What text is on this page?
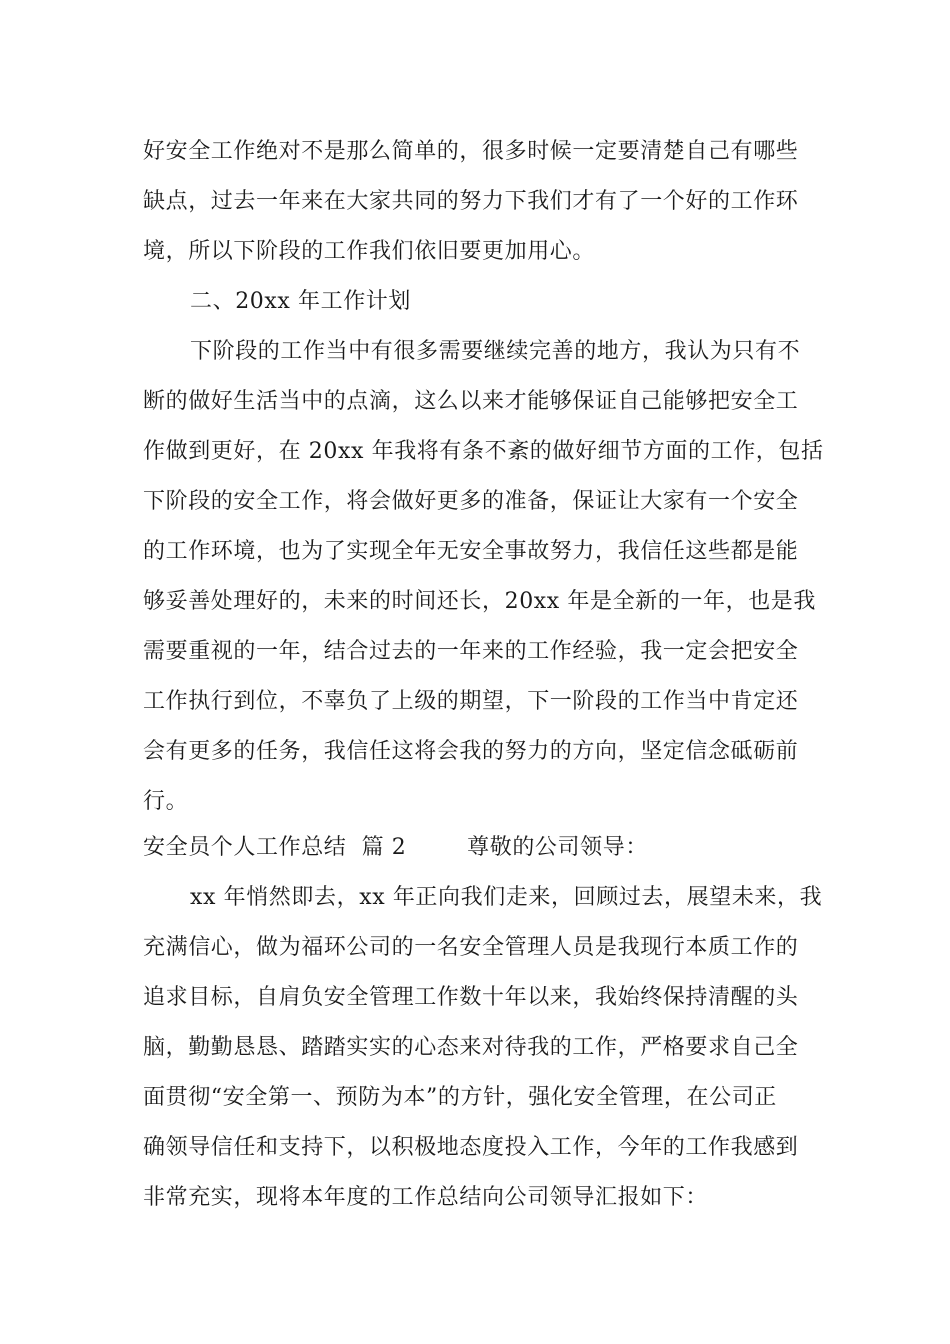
好安全工作绝对不是那么简单的，很多时候一定要清楚自己有哪些
缺点，过去一年来在大家共同的努力下我们才有了一个好的工作环
境，所以下阶段的工作我们依旧要更加用心。
二、20xx 年工作计划
下阶段的工作当中有很多需要继续完善的地方，我认为只有不
断的做好生活当中的点滴，这么以来才能够保证自己能够把安全工
作做到更好，在 20xx 年我将有条不紊的做好细节方面的工作，包括
下阶段的安全工作，将会做好更多的准备，保证让大家有一个安全
的工作环境，也为了实现全年无安全事故努力，我信任这些都是能
够妥善处理好的，未来的时间还长，20xx 年是全新的一年，也是我
需要重视的一年，结合过去的一年来的工作经验，我一定会把安全
工作执行到位，不辜负了上级的期望，下一阶段的工作当中肯定还
会有更多的任务，我信任这将会我的努力的方向，坚定信念砥砺前
行。
安全员个人工作总结  篇 2        尊敬的公司领导：
xx 年悄然即去，xx 年正向我们走来，回顾过去，展望未来，我
充满信心，做为福环公司的一名安全管理人员是我现行本质工作的
追求目标，自肩负安全管理工作数十年以来，我始终保持清醒的头
脑，勤勤恳恳、踏踏实实的心态来对待我的工作，严格要求自己全
面贯彻“安全第一、预防为本”的方针，强化安全管理，在公司正
确领导信任和支持下，以积极地态度投入工作，今年的工作我感到
非常充实，现将本年度的工作总结向公司领导汇报如下：
